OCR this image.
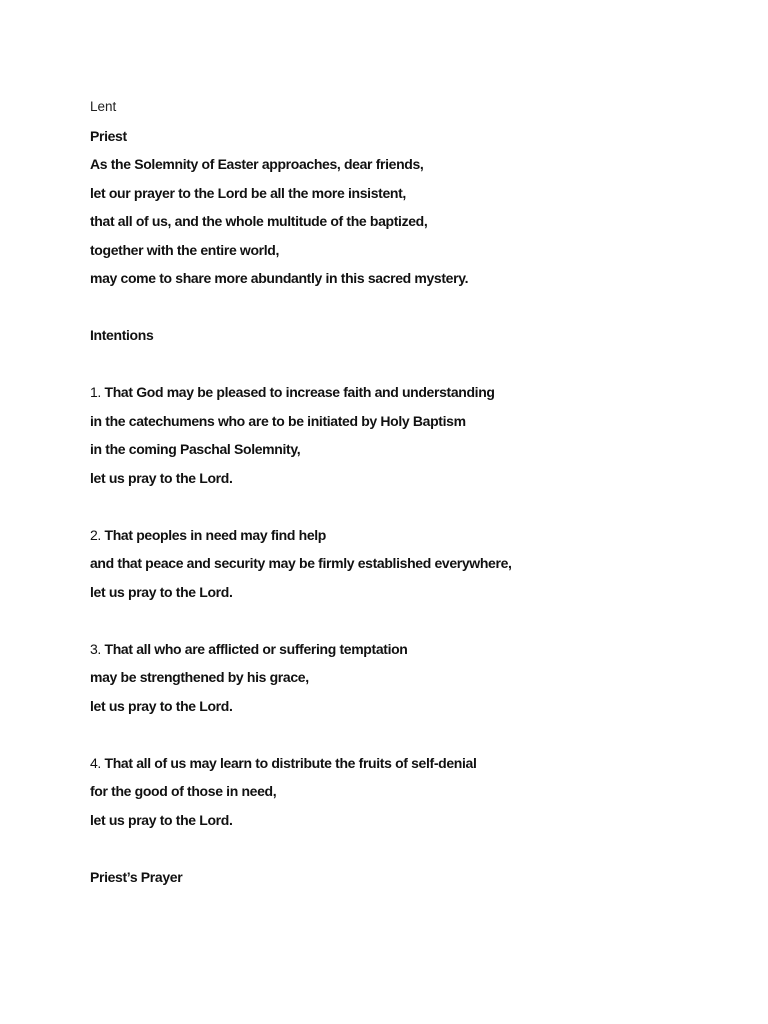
Lent
Priest
As the Solemnity of Easter approaches, dear friends,
let our prayer to the Lord be all the more insistent,
that all of us, and the whole multitude of the baptized,
together with the entire world,
may come to share more abundantly in this sacred mystery.
Intentions
1. That God may be pleased to increase faith and understanding
in the catechumens who are to be initiated by Holy Baptism
in the coming Paschal Solemnity,
let us pray to the Lord.
2. That peoples in need may find help
and that peace and security may be firmly established everywhere,
let us pray to the Lord.
3. That all who are afflicted or suffering temptation
may be strengthened by his grace,
let us pray to the Lord.
4. That all of us may learn to distribute the fruits of self-denial
for the good of those in need,
let us pray to the Lord.
Priest’s Prayer
